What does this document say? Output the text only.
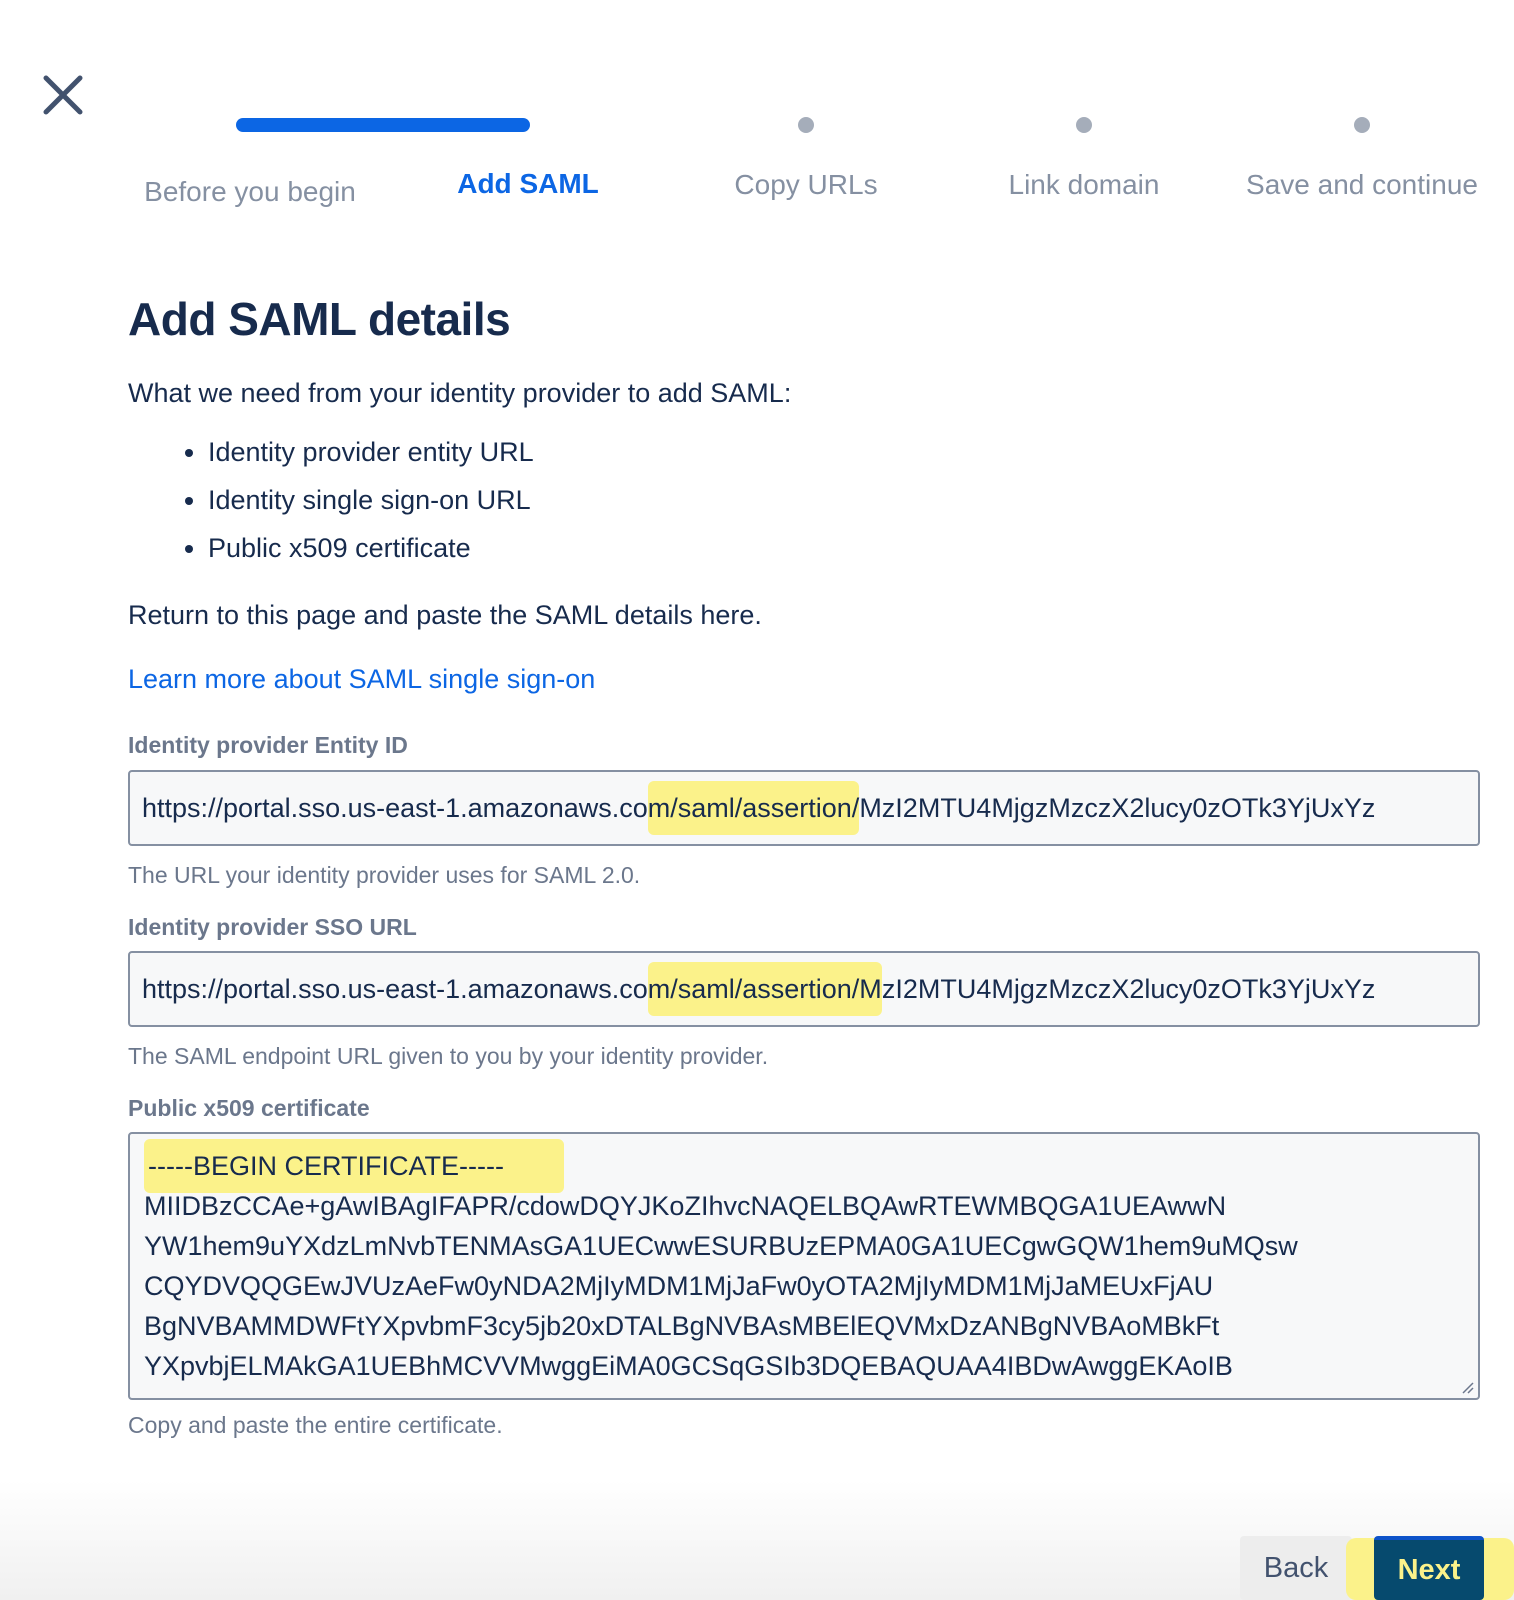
Before you begin	Add SAML	Copy URLs	Link domain	Save and continue
Add SAML details

What we need from your identity provider to add SAML:

• Identity provider entity URL
• Identity single sign-on URL
• Public x509 certificate

Return to this page and paste the SAML details here.

Learn more about SAML single sign-on
Identity provider Entity ID
https://portal.sso.us-east-1.amazonaws.com/saml/assertion/MzI2MTU4MjgzMzczX2lucy0zOTk3YjUxYz
The URL your identity provider uses for SAML 2.0.
Identity provider SSO URL
https://portal.sso.us-east-1.amazonaws.com/saml/assertion/MzI2MTU4MjgzMzczX2lucy0zOTk3YjUxYz
The SAML endpoint URL given to you by your identity provider.
Public x509 certificate
-----BEGIN CERTIFICATE-----
MIIDBzCCAe+gAwIBAgIFAPR/cdowDQYJKoZIhvcNAQELBQAwRTEWMBQGA1UEAwwN
YW1hem9uYXdzLmNvbTENMAsGA1UECwwESURBUzEPMA0GA1UECgwGQW1hem9uMQsw
CQYDVQQGEwJVUzAeFw0yNDA2MjIyMDM1MjJaFw0yOTA2MjIyMDM1MjJaMEUxFjAU
BgNVBAMMDWFtYXpvbmF3cy5jb20xDTALBgNVBAsMBElEQVMxDzANBgNVBAoMBkFt
YXpvbjELMAkGA1UEBhMCVVMwggEiMA0GCSqGSIb3DQEBAQUAA4IBDwAwggEKAoIB

Copy and paste the entire certificate.
Back	Next
